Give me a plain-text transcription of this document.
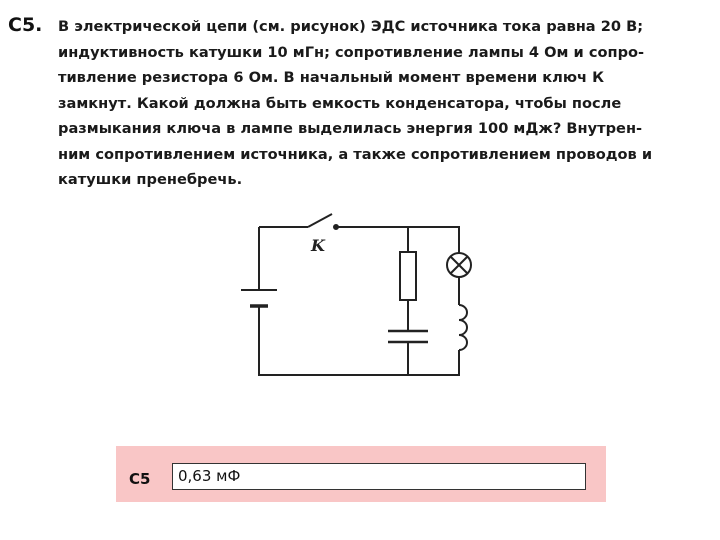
C5. В электрической цепи (см. рисунок) ЭДС источника тока равна 20 В;
индуктивность катушки 10 мГн; сопротивление лампы 4 Ом и сопро-
тивление резистора 6 Ом. В начальный момент времени ключ К
замкнут. Какой должна быть емкость конденсатора, чтобы после
размыкания ключа в лампе выделилась энергия 100 мДж? Внутрен-
ним сопротивлением источника, а также сопротивлением проводов и
катушки пренебречь.
K
C5	0,63 мФ
